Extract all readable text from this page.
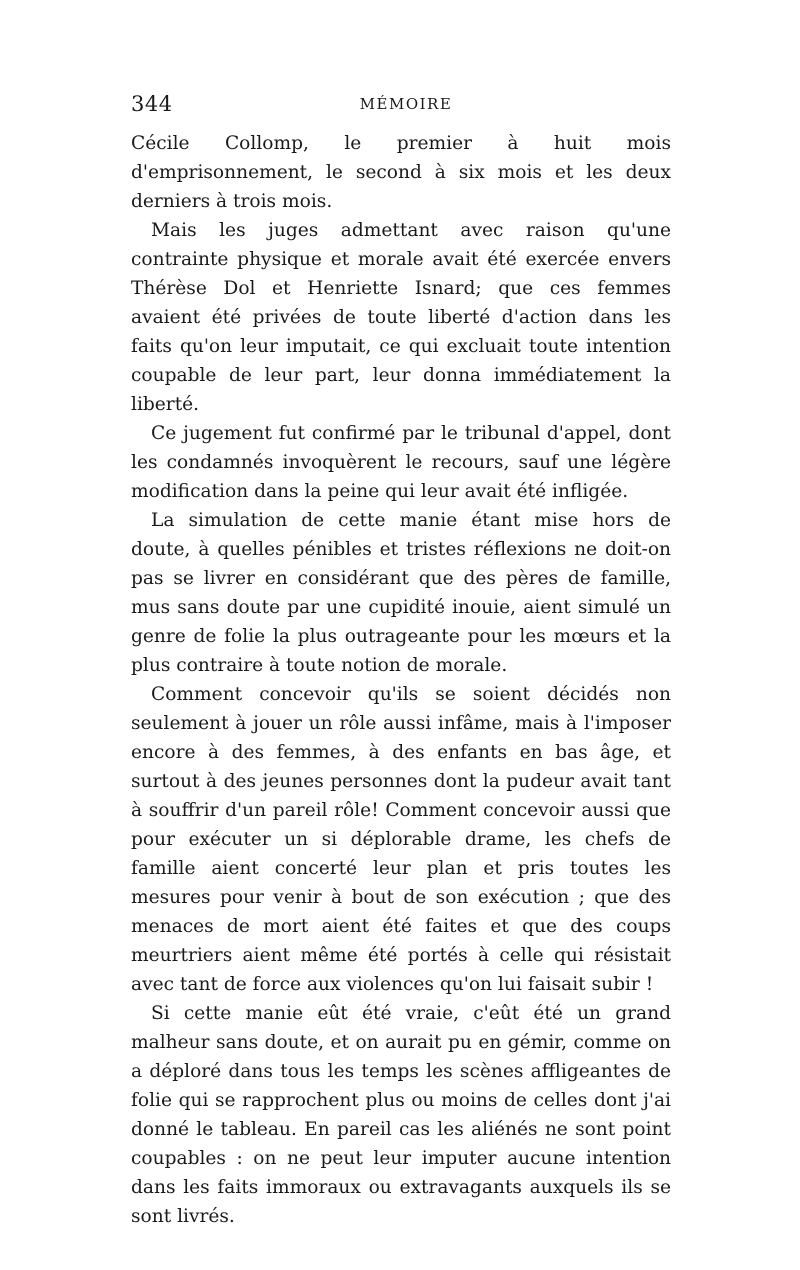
344	MÉMOIRE

Cécile Collomp, le premier à huit mois d'emprisonnement, le second à six mois et les deux derniers à trois mois.

Mais les juges admettant avec raison qu'une contrainte physique et morale avait été exercée envers Thérèse Dol et Henriette Isnard; que ces femmes avaient été privées de toute liberté d'action dans les faits qu'on leur imputait, ce qui excluait toute intention coupable de leur part, leur donna immédiatement la liberté.

Ce jugement fut confirmé par le tribunal d'appel, dont les condamnés invoquèrent le recours, sauf une légère modification dans la peine qui leur avait été infligée.

La simulation de cette manie étant mise hors de doute, à quelles pénibles et tristes réflexions ne doit-on pas se livrer en considérant que des pères de famille, mus sans doute par une cupidité inouie, aient simulé un genre de folie la plus outrageante pour les mœurs et la plus contraire à toute notion de morale.

Comment concevoir qu'ils se soient décidés non seulement à jouer un rôle aussi infâme, mais à l'imposer encore à des femmes, à des enfants en bas âge, et surtout à des jeunes personnes dont la pudeur avait tant à souffrir d'un pareil rôle! Comment concevoir aussi que pour exécuter un si déplorable drame, les chefs de famille aient concerté leur plan et pris toutes les mesures pour venir à bout de son exécution ; que des menaces de mort aient été faites et que des coups meurtriers aient même été portés à celle qui résistait avec tant de force aux violences qu'on lui faisait subir !

Si cette manie eût été vraie, c'eût été un grand malheur sans doute, et on aurait pu en gémir, comme on a déploré dans tous les temps les scènes affligeantes de folie qui se rapprochent plus ou moins de celles dont j'ai donné le tableau. En pareil cas les aliénés ne sont point coupables : on ne peut leur imputer aucune intention dans les faits immoraux ou extravagants auxquels ils se sont livrés.
